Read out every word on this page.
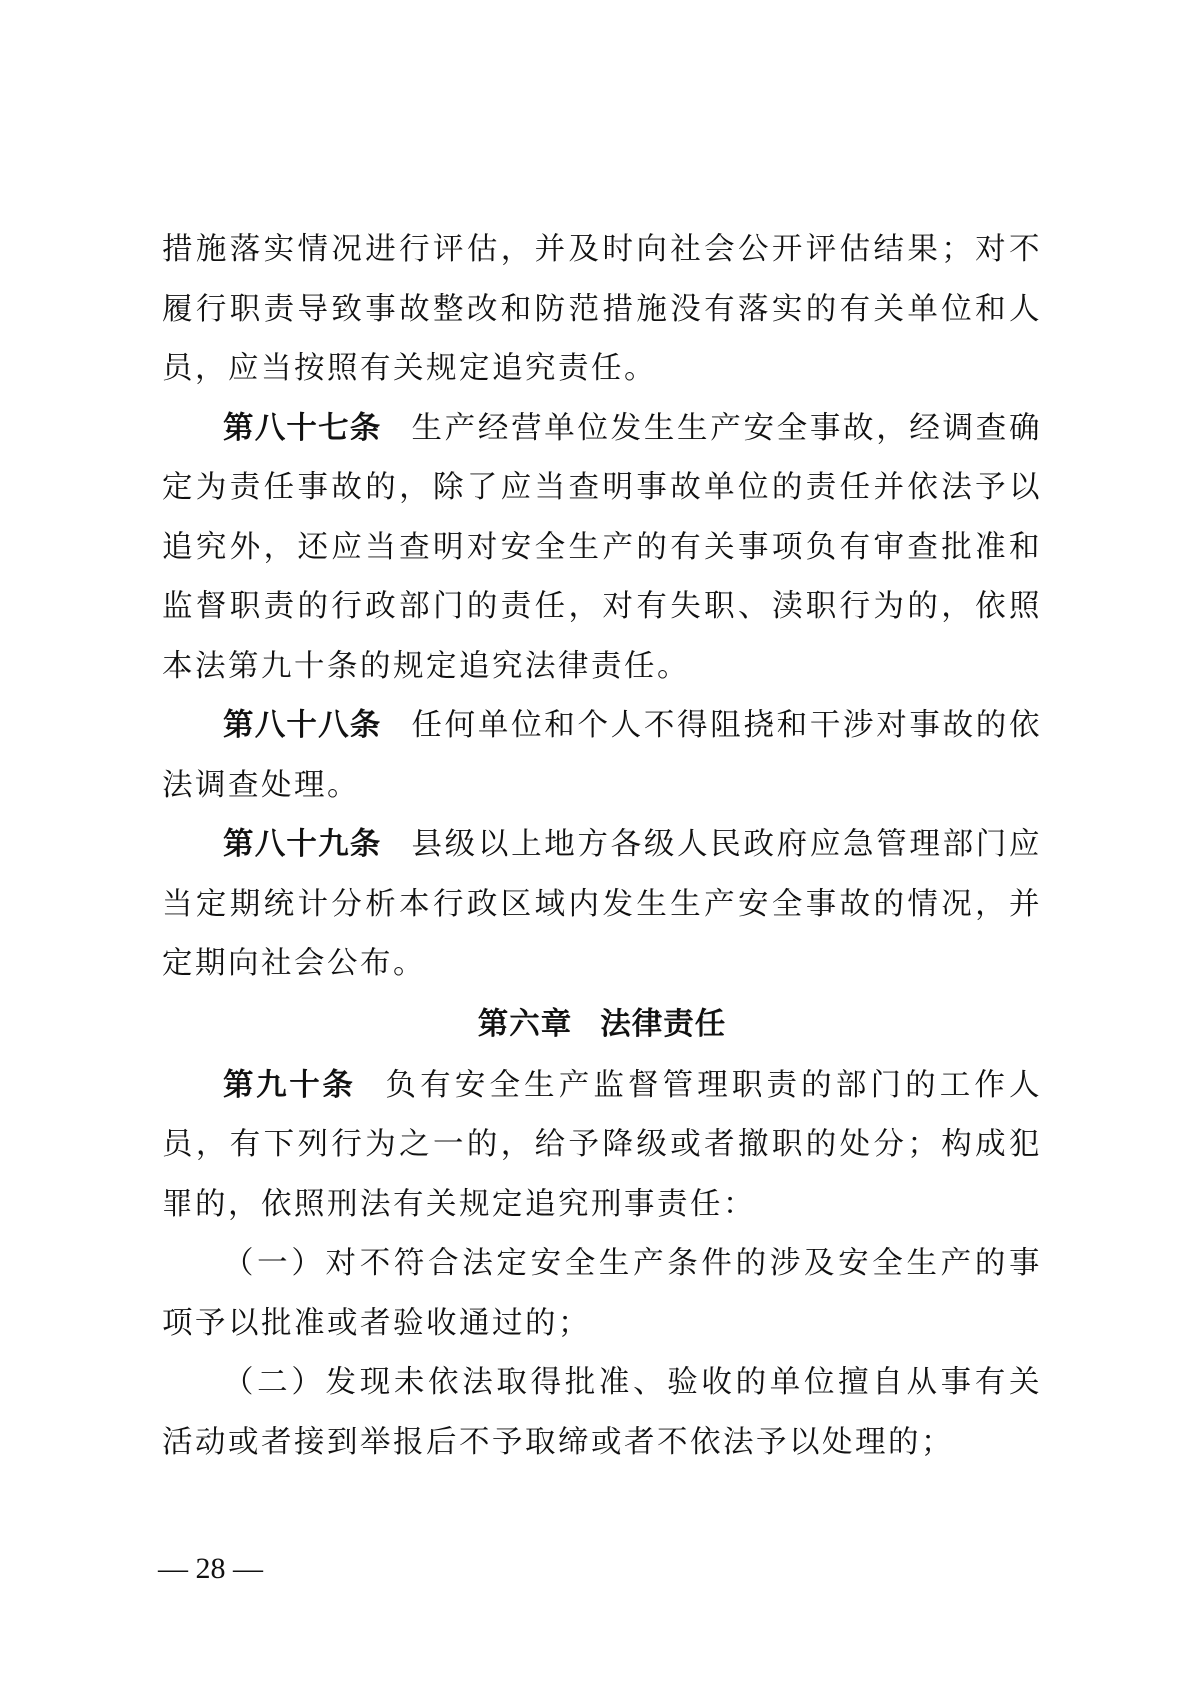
措施落实情况进行评估，并及时向社会公开评估结果；对不履行职责导致事故整改和防范措施没有落实的有关单位和人员，应当按照有关规定追究责任。

第八十七条 生产经营单位发生生产安全事故，经调查确定为责任事故的，除了应当查明事故单位的责任并依法予以追究外，还应当查明对安全生产的有关事项负有审查批准和监督职责的行政部门的责任，对有失职、渎职行为的，依照本法第九十条的规定追究法律责任。

第八十八条 任何单位和个人不得阻挠和干涉对事故的依法调查处理。

第八十九条 县级以上地方各级人民政府应急管理部门应当定期统计分析本行政区域内发生生产安全事故的情况，并定期向社会公布。

第六章 法律责任

第九十条 负有安全生产监督管理职责的部门的工作人员，有下列行为之一的，给予降级或者撤职的处分；构成犯罪的，依照刑法有关规定追究刑事责任：

（一）对不符合法定安全生产条件的涉及安全生产的事项予以批准或者验收通过的；

（二）发现未依法取得批准、验收的单位擅自从事有关活动或者接到举报后不予取缔或者不依法予以处理的；

— 28 —
